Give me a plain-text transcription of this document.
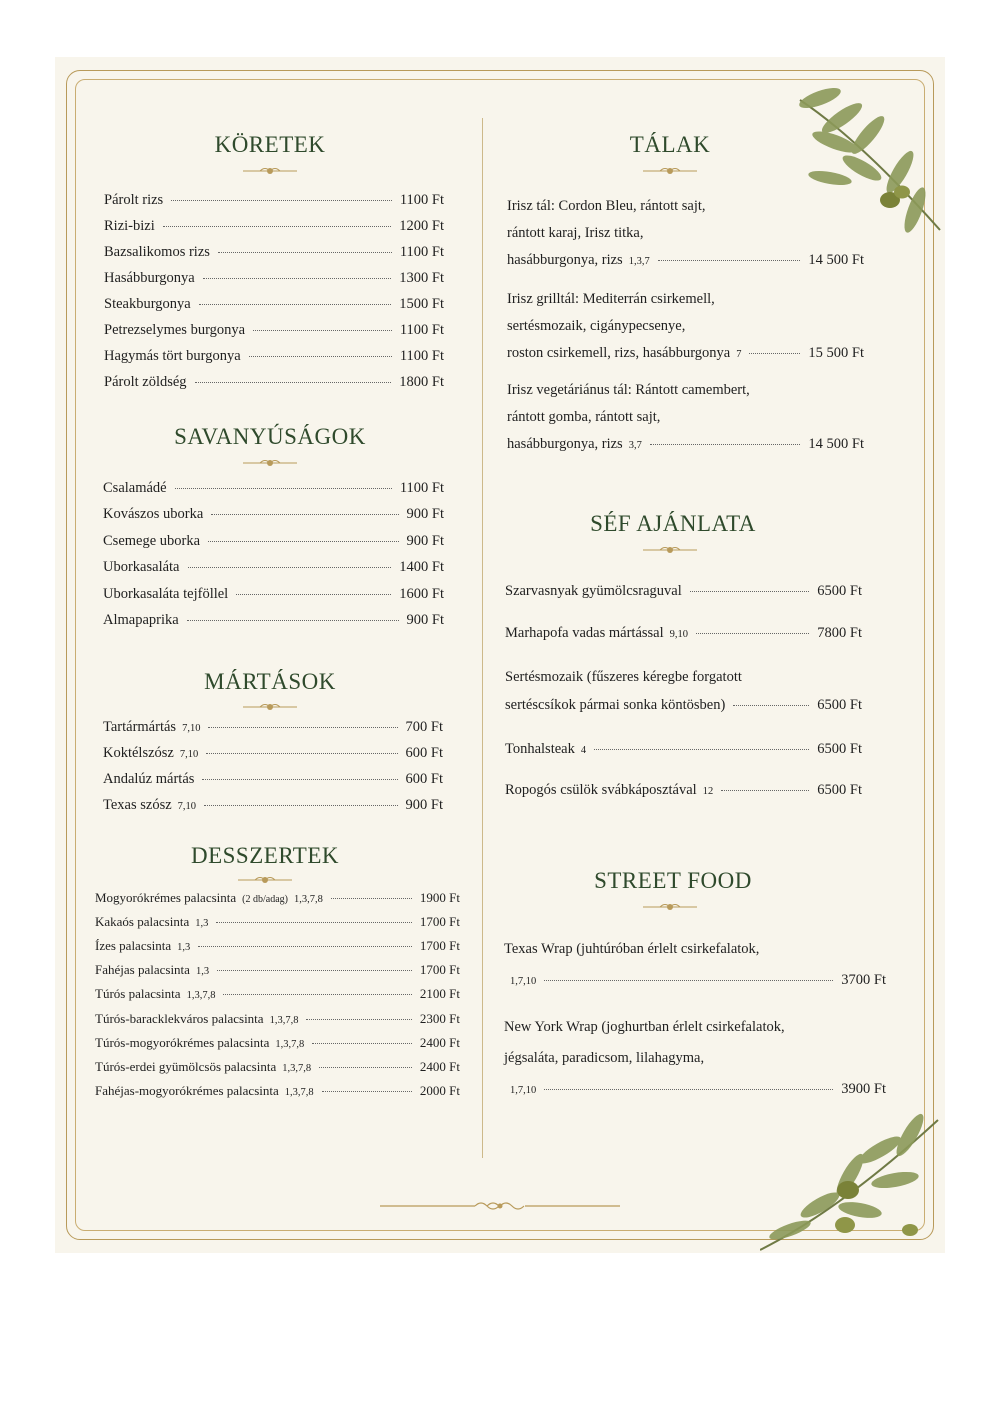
KÖRETEK
Párolt rizs	1100 Ft
Rizi-bizi	1200 Ft
Bazsalikomos rizs	1100 Ft
Hasábburgonya	1300 Ft
Steakburgonya	1500 Ft
Petrezselymes burgonya	1100 Ft
Hagymás tört burgonya	1100 Ft
Párolt zöldség	1800 Ft
SAVANYÚSÁGOK
Csalamádé	1100 Ft
Kovászos uborka	900 Ft
Csemege uborka	900 Ft
Uborkasaláta	1400 Ft
Uborkasaláta tejföllel	1600 Ft
Almapaprika	900 Ft
MÁRTÁSOK
Tartármártás 7,10	700 Ft
Koktélszósz 7,10	600 Ft
Andalúz mártás	600 Ft
Texas szósz 7,10	900 Ft
DESSZERTEK
Mogyorókrémes palacsinta (2 db/adag) 1,3,7,8	1900 Ft
Kakaós palacsinta 1,3	1700 Ft
Ízes palacsinta 1,3	1700 Ft
Fahéjas palacsinta 1,3	1700 Ft
Túrós palacsinta 1,3,7,8	2100 Ft
Túrós-baracklekváros palacsinta 1,3,7,8	2300 Ft
Túrós-mogyorókrémes palacsinta 1,3,7,8	2400 Ft
Túrós-erdei gyümölcsös palacsinta 1,3,7,8	2400 Ft
Fahéjas-mogyorókrémes palacsinta 1,3,7,8	2000 Ft
TÁLAK
Irisz tál: Cordon Bleu, rántott sajt,
rántott karaj, Irisz titka,
hasábburgonya, rizs 1,3,7	14 500 Ft
Irisz grilltál: Mediterrán csirkemell,
sertésmozaik, cigánypecsenye,
roston csirkemell, rizs, hasábburgonya 7	15 500 Ft
Irisz vegetáriánus tál: Rántott camembert,
rántott gomba, rántott sajt,
hasábburgonya, rizs 3,7	14 500 Ft
SÉF AJÁNLATA
Szarvasnyak gyümölcsraguval	6500 Ft
Marhapofa vadas mártással 9,10	7800 Ft
Sertésmozaik (fűszeres kéregbe forgatott
sertéscsíkok pármai sonka köntösben)	6500 Ft
Tonhalsteak 4	6500 Ft
Ropogós csülök svábkáposztával 12	6500 Ft
STREET FOOD
Texas Wrap (juhtúróban érlelt csirkefalatok,
1,7,10	3700 Ft
New York Wrap (joghurtban érlelt csirkefalatok,
jégsaláta, paradicsom, lilahagyma,
1,7,10	3900 Ft
